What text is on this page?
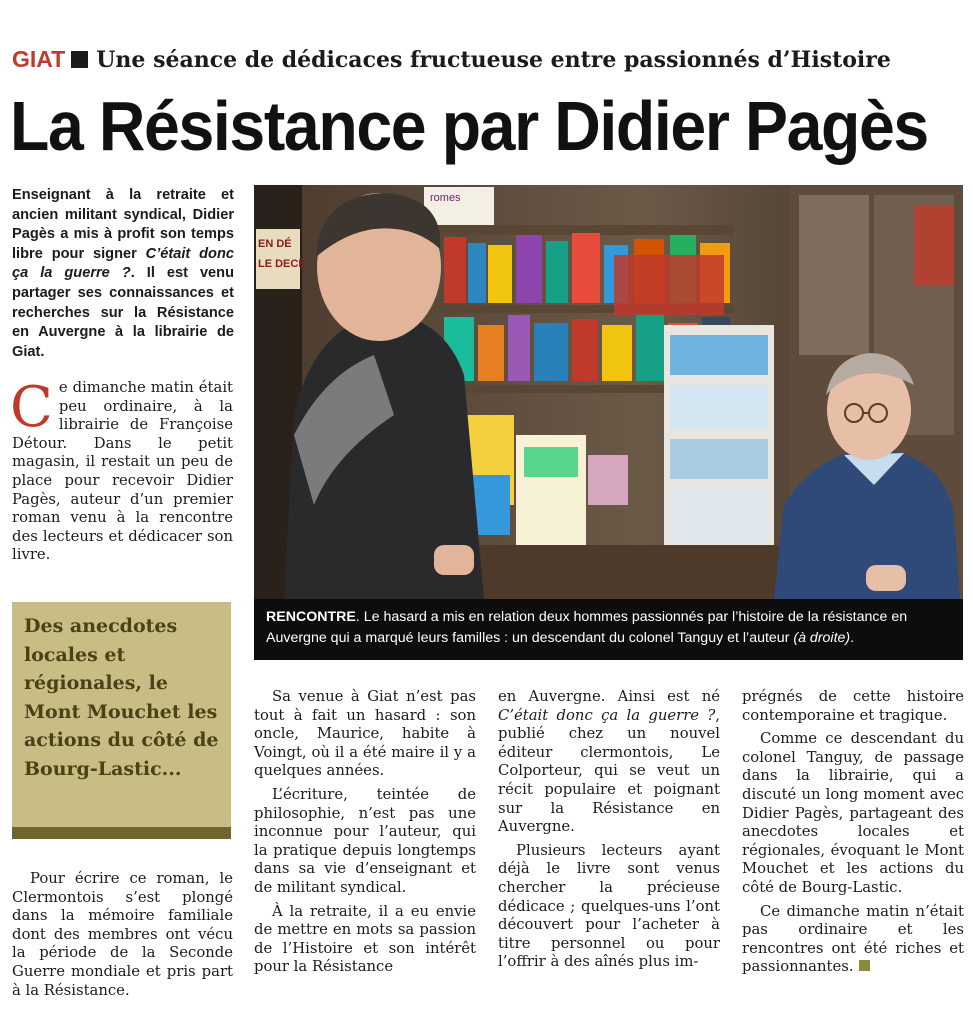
GIAT Une séance de dédicaces fructueuse entre passionnés d’Histoire
La Résistance par Didier Pagès
Enseignant à la retraite et ancien militant syndical, Didier Pagès a mis à profit son temps libre pour signer C’était donc ça la guerre ?. Il est venu partager ses connaissances et recherches sur la Résistance en Auvergne à la librairie de Giat.

Ce dimanche matin était peu ordinaire, à la librairie de Françoise Détour. Dans le petit magasin, il restait un peu de place pour recevoir Didier Pagès, auteur d’un premier roman venu à la rencontre des lecteurs et dédicacer son livre.

Des anecdotes locales et régionales, le Mont Mouchet les actions du côté de Bourg-Lastic...

Pour écrire ce roman, le Clermontois s’est plongé dans la mémoire familiale dont des membres ont vécu la période de la Seconde Guerre mondiale et pris part à la Résistance.

EN DÉ
LE DECE
romes
RENCONTRE. Le hasard a mis en relation deux hommes passionnés par l’histoire de la résistance en Auvergne qui a marqué leurs familles : un descendant du colonel Tanguy et l’auteur (à droite).

Sa venue à Giat n’est pas tout à fait un hasard : son oncle, Maurice, habite à Voingt, où il a été maire il y a quelques années.

L’écriture, teintée de philosophie, n’est pas une inconnue pour l’auteur, qui la pratique depuis longtemps dans sa vie d’enseignant et de militant syndical.

À la retraite, il a eu envie de mettre en mots sa passion de l’Histoire et son intérêt pour la Résistance

en Auvergne. Ainsi est né C’était donc ça la guerre ?, publié chez un nouvel éditeur clermontois, Le Colporteur, qui se veut un récit populaire et poignant sur la Résistance en Auvergne.

Plusieurs lecteurs ayant déjà le livre sont venus chercher la précieuse dédicace ; quelques-uns l’ont découvert pour l’acheter à titre personnel ou pour l’offrir à des aînés plus im-

prégnés de cette histoire contemporaine et tragique.

Comme ce descendant du colonel Tanguy, de passage dans la librairie, qui a discuté un long moment avec Didier Pagès, partageant des anecdotes locales et régionales, évoquant le Mont Mouchet et les actions du côté de Bourg-Lastic.

Ce dimanche matin n’était pas ordinaire et les rencontres ont été riches et passionnantes.
